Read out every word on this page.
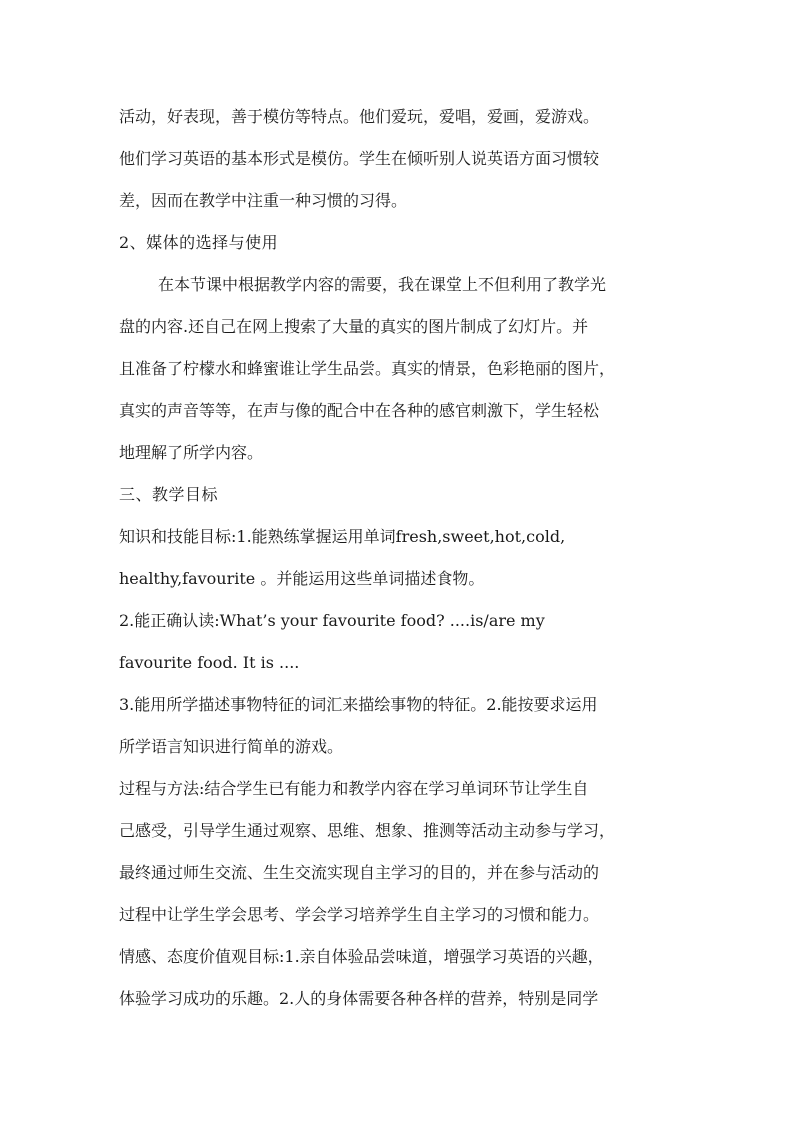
活动，好表现，善于模仿等特点。他们爱玩，爱唱，爱画，爱游戏。
他们学习英语的基本形式是模仿。学生在倾听别人说英语方面习惯较
差，因而在教学中注重一种习惯的习得。
2、媒体的选择与使用
在本节课中根据教学内容的需要，我在课堂上不但利用了教学光
盘的内容.还自己在网上搜索了大量的真实的图片制成了幻灯片。并
且准备了柠檬水和蜂蜜谁让学生品尝。真实的情景，色彩艳丽的图片，
真实的声音等等，在声与像的配合中在各种的感官刺激下，学生轻松
地理解了所学内容。
三、教学目标
知识和技能目标:1.能熟练掌握运用单词fresh,sweet,hot,cold,
healthy,favourite 。并能运用这些单词描述食物。
2.能正确认读:What’s your favourite food? ....is/are my
favourite food. It is ....
3.能用所学描述事物特征的词汇来描绘事物的特征。2.能按要求运用
所学语言知识进行简单的游戏。
过程与方法:结合学生已有能力和教学内容在学习单词环节让学生自
己感受，引导学生通过观察、思维、想象、推测等活动主动参与学习，
最终通过师生交流、生生交流实现自主学习的目的，并在参与活动的
过程中让学生学会思考、学会学习培养学生自主学习的习惯和能力。
情感、态度价值观目标:1.亲自体验品尝味道，增强学习英语的兴趣，
体验学习成功的乐趣。2.人的身体需要各种各样的营养，特别是同学
